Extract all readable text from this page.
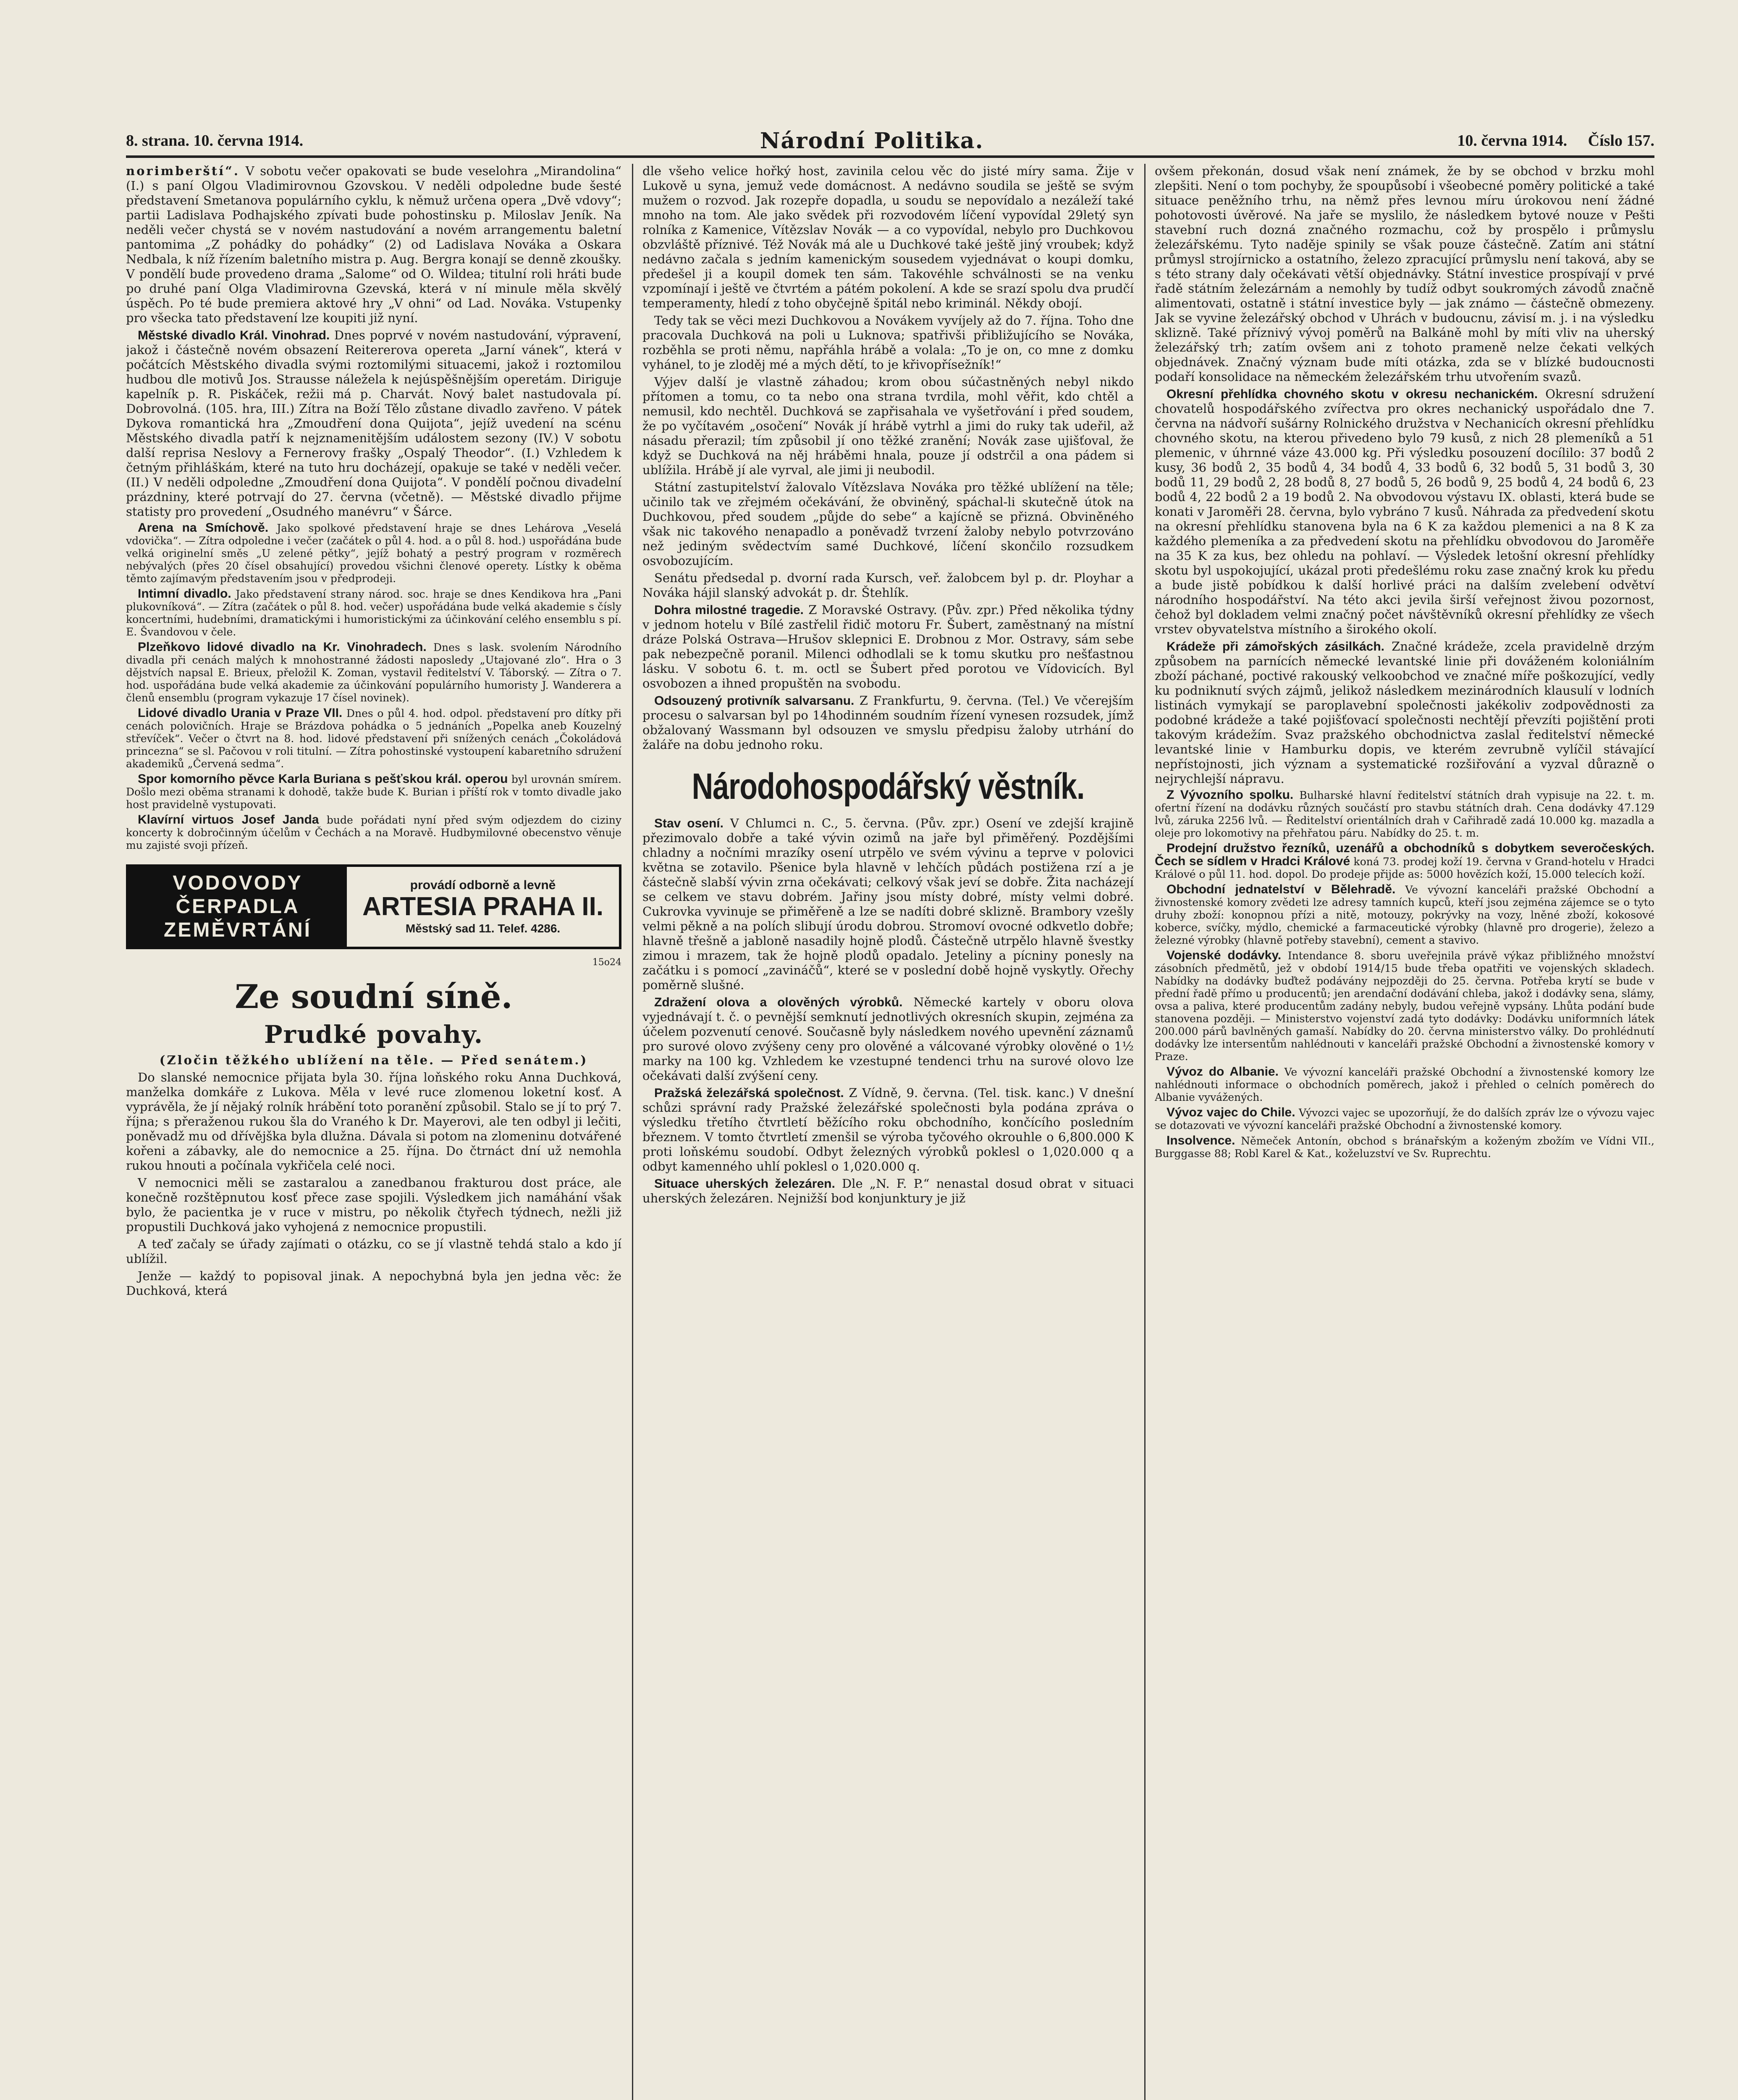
8. strana. 10. června 1914.	Národní Politika.	10. června 1914. Číslo 157.

norimberští“. V sobotu večer opakovati se bude veselohra „Mirandolina“ (I.) s paní Olgou Vladimirovnou Gzovskou. V neděli odpoledne bude šesté představení Smetanova populárního cyklu, k němuž určena opera „Dvě vdovy“; partii Ladislava Podhajského zpívati bude pohostinsku p. Miloslav Jeník. Na neděli večer chystá se v novém nastudování a novém arrangementu baletní pantomima „Z pohádky do pohádky“ (2) od Ladislava Nováka a Oskara Nedbala, k níž řízením baletního mistra p. Aug. Bergra konají se denně zkoušky. V pondělí bude provedeno drama „Salome“ od O. Wildea; titulní roli hráti bude po druhé paní Olga Vladimirovna Gzevská, která v ní minule měla skvělý úspěch. Po té bude premiera aktové hry „V ohni“ od Lad. Nováka. Vstupenky pro všecka tato představení lze koupiti již nyní.

Městské divadlo Král. Vinohrad. Dnes poprvé v novém nastudování, výpravení, jakož i částečně novém obsazení Reitererova opereta „Jarní vánek“, která v počátcích Městského divadla svými roztomilými situacemi, jakož i roztomilou hudbou dle motivů Jos. Strausse náležela k nejúspěšnějším operetám. Diriguje kapelník p. R. Piskáček, režii má p. Charvát. Nový balet nastudovala pí. Dobrovolná. (105. hra, III.) Zítra na Boží Tělo zůstane divadlo zavřeno. V pátek Dykova romantická hra „Zmoudření dona Quijota“, jejíž uvedení na scénu Městského divadla patří k nejznamenitějším událostem sezony (IV.) V sobotu další reprisa Neslovy a Fernerovy frašky „Ospalý Theodor“. (I.) Vzhledem k četným přihláškám, které na tuto hru docházejí, opakuje se také v neděli večer. (II.) V neděli odpoledne „Zmoudření dona Quijota“. V pondělí počnou divadelní prázdniny, které potrvají do 27. června (včetně). — Městské divadlo přijme statisty pro provedení „Osudného manévru“ v Šárce.

Arena na Smíchově. Jako spolkové představení hraje se dnes Lehárova „Veselá vdovička“. — Zítra odpoledne i večer (začátek o půl 4. hod. a o půl 8. hod.) uspořádána bude velká originelní směs „U zelené pětky“, jejíž bohatý a pestrý program v rozměrech nebývalých (přes 20 čísel obsahující) provedou všichni členové operety. Lístky k oběma těmto zajímavým představením jsou v předprodeji.

Intimní divadlo. Jako představení strany národ. soc. hraje se dnes Kendikova hra „Pani plukovníková“. — Zítra (začátek o půl 8. hod. večer) uspořádána bude velká akademie s čísly koncertními, hudebními, dramatickými i humoristickými za účinkování celého ensemblu s pí. E. Švandovou v čele.

Plzeňkovo lidové divadlo na Kr. Vinohradech. Dnes s lask. svolením Národního divadla při cenách malých k mnohostranné žádosti naposledy „Utajované zlo“. Hra o 3 dějstvích napsal E. Brieux, přeložil K. Zoman, vystavil ředitelství V. Táborský. — Zítra o 7. hod. uspořádána bude velká akademie za účinkování populárního humoristy J. Wanderera a členů ensemblu (program vykazuje 17 čísel novinek).

Lidové divadlo Urania v Praze VII. Dnes o půl 4. hod. odpol. představení pro dítky při cenách polovičních. Hraje se Brázdova pohádka o 5 jednáních „Popelka aneb Kouzelný střevíček“. Večer o čtvrt na 8. hod. lidové představení při snížených cenách „Čokoládová princezna“ se sl. Pačovou v roli titulní. — Zítra pohostinské vystoupení kabaretního sdružení akademiků „Červená sedma“.

Spor komorního pěvce Karla Buriana s pešťskou král. operou byl urovnán smírem. Došlo mezi oběma stranami k dohodě, takže bude K. Burian i příští rok v tomto divadle jako host pravidelně vystupovati.

Klavírní virtuos Josef Janda bude pořádati nyní před svým odjezdem do ciziny koncerty k dobročinným účelům v Čechách a na Moravě. Hudbymilovné obecenstvo věnuje mu zajisté svoji přízeň.

VODOVODY
ČERPADLA
ZEMĚVRTÁNÍ
provádí odborně a levně
ARTESIA PRAHA II.
Městský sad 11. Telef. 4286.

15o24

Ze soudní síně.
Prudké povahy.

(Zločin těžkého ublížení na těle. — Před senátem.)

Do slanské nemocnice přijata byla 30. října loňského roku Anna Duchková, manželka domkáře z Lukova. Měla v levé ruce zlomenou loketní kosť. A vyprávěla, že jí nějaký rolník hrábění toto poranění způsobil. Stalo se jí to prý 7. října; s přeraženou rukou šla do Vraného k Dr. Mayerovi, ale ten odbyl ji lečiti, poněvadž mu od dřívějška byla dlužna. Dávala si potom na zlomeninu dotvářené kořeni a zábavky, ale do nemocnice a 25. října. Do čtrnáct dní už nemohla rukou hnouti a počínala vykřičela celé noci.

V nemocnici měli se zastaralou a zanedbanou frakturou dost práce, ale konečně rozštěpnutou kosť přece zase spojili. Výsledkem jich namáhání však bylo, že pacientka je v ruce v mistru, po několik čtyřech týdnech, nežli již propustili Duchková jako vyhojená z nemocnice propustili.

A teď začaly se úřady zajímati o otázku, co se jí vlastně tehdá stalo a kdo jí ublížil.

Jenže — každý to popisoval jinak. A nepochybná byla jen jedna věc: že Duchková, která

dle všeho velice hořký host, zavinila celou věc do jisté míry sama. Žije v Lukově u syna, jemuž vede domácnost. A nedávno soudila se ještě se svým mužem o rozvod. Jak rozepře dopadla, u soudu se nepovídalo a nezáleží také mnoho na tom. Ale jako svědek při rozvodovém líčení vypovídal 29letý syn rolníka z Kamenice, Vítězslav Novák — a co vypovídal, nebylo pro Duchkovou obzvláště příznivé. Též Novák má ale u Duchkové také ještě jiný vroubek; když nedávno začala s jedním kamenickým sousedem vyjednávat o koupi domku, předešel ji a koupil domek ten sám. Takovéhle schválnosti se na venku vzpomínají i ještě ve čtvrtém a pátém pokolení. A kde se srazí spolu dva prudčí temperamenty, hledí z toho obyčejně špitál nebo kriminál. Někdy obojí.

Tedy tak se věci mezi Duchkovou a Novákem vyvíjely až do 7. října. Toho dne pracovala Duchková na poli u Luknova; spatřivši přibližujícího se Nováka, rozběhla se proti němu, napřáhla hrábě a volala: „To je on, co mne z domku vyhánel, to je zloděj mé a mých dětí, to je křivopřísežník!“

Výjev další je vlastně záhadou; krom obou súčastněných nebyl nikdo přítomen a tomu, co ta nebo ona strana tvrdila, mohl věřit, kdo chtěl a nemusil, kdo nechtěl. Duchková se zapřisahala ve vyšetřování i před soudem, že po vyčítavém „osočení“ Novák jí hrábě vytrhl a jimi do ruky tak udeřil, až násadu přerazil; tím způsobil jí ono těžké zranění; Novák zase ujišťoval, že když se Duchková na něj hráběmi hnala, pouze jí odstrčil a ona pádem si ublížila. Hrábě jí ale vyrval, ale jimi ji neubodil.

Státní zastupitelství žalovalo Vítězslava Nováka pro těžké ublížení na těle; učinilo tak ve zřejmém očekávání, že obviněný, spáchal-li skutečně útok na Duchkovou, před soudem „půjde do sebe“ a kajícně se přizná. Obviněného však nic takového nenapadlo a poněvadž tvrzení žaloby nebylo potvrzováno než jediným svědectvím samé Duchkové, líčení skončilo rozsudkem osvobozujícím.

Senátu předsedal p. dvorní rada Kursch, veř. žalobcem byl p. dr. Ployhar a Nováka hájil slanský advokát p. dr. Štehlík.

Dohra milostné tragedie. Z Moravské Ostravy. (Pův. zpr.) Před několika týdny v jednom hotelu v Bílé zastřelil řidič motoru Fr. Šubert, zaměstnaný na místní dráze Polská Ostrava—Hrušov sklepnici E. Drobnou z Mor. Ostravy, sám sebe pak nebezpečně poranil. Milenci odhodlali se k tomu skutku pro nešťastnou lásku. V sobotu 6. t. m. octl se Šubert před porotou ve Vídovicích. Byl osvobozen a ihned propuštěn na svobodu.

Odsouzený protivník salvarsanu. Z Frankfurtu, 9. června. (Tel.) Ve včerejším procesu o salvarsan byl po 14hodinném soudním řízení vynesen rozsudek, jímž obžalovaný Wassmann byl odsouzen ve smyslu předpisu žaloby utrhání do žaláře na dobu jednoho roku.

Národohospodářský věstník.

Stav osení. V Chlumci n. C., 5. června. (Pův. zpr.) Osení ve zdejší krajině přezimovalo dobře a také vývin ozimů na jaře byl přiměřený. Pozdějšími chladny a nočními mrazíky osení utrpělo ve svém vývinu a teprve v polovici května se zotavilo. Pšenice byla hlavně v lehčích půdách postižena rzí a je částečně slabší vývin zrna očekávati; celkový však jeví se dobře. Žita nacházejí se celkem ve stavu dobrém. Jařiny jsou místy dobré, místy velmi dobré. Cukrovka vyvinuje se přiměřeně a lze se nadíti dobré sklizně. Brambory vzešly velmi pěkně a na polích slibují úrodu dobrou. Stromoví ovocné odkvetlo dobře; hlavně třešně a jabloně nasadily hojně plodů. Částečně utrpělo hlavně švestky zimou i mrazem, tak že hojně plodů opadalo. Jeteliny a pícniny ponesly na začátku i s pomocí „zavináčů“, které se v poslední době hojně vyskytly. Ořechy poměrně slušné.

Zdražení olova a olověných výrobků. Německé kartely v oboru olova vyjednávají t. č. o pevnější semknutí jednotlivých okresních skupin, zejména za účelem pozvenutí cenové. Současně byly následkem nového upevnění záznamů pro surové olovo zvýšeny ceny pro olověné a válcované výrobky olověné o 1½ marky na 100 kg. Vzhledem ke vzestupné tendenci trhu na surové olovo lze očekávati další zvýšení ceny.

Pražská železářská společnost. Z Vídně, 9. června. (Tel. tisk. kanc.) V dnešní schůzi správní rady Pražské železářské společnosti byla podána zpráva o výsledku třetího čtvrtletí běžícího roku obchodního, končícího posledním březnem. V tomto čtvrtletí zmenšil se výroba tyčového okrouhle o 6,800.000 K proti loňskému soudobí. Odbyt železných výrobků poklesl o 1,020.000 q a odbyt kamenného uhlí poklesl o 1,020.000 q.

Situace uherských železáren. Dle „N. F. P.“ nenastal dosud obrat v situaci uherských železáren. Nejnižší bod konjunktury je již

ovšem překonán, dosud však není známek, že by se obchod v brzku mohl zlepšiti. Není o tom pochyby, že spoupůsobí i všeobecné poměry politické a také situace peněžního trhu, na němž přes levnou míru úrokovou není žádné pohotovosti úvěrové. Na jaře se myslilo, že následkem bytové nouze v Pešti stavební ruch dozná značného rozmachu, což by prospělo i průmyslu železářskému. Tyto naděje spinily se však pouze částečně. Zatím ani státní průmysl strojírnicko a ostatního, železo zpracující průmyslu není taková, aby se s této strany daly očekávati větší objednávky. Státní investice prospívají v prvé řadě státním železárnám a nemohly by tudíž odbyt soukromých závodů značně alimentovati, ostatně i státní investice byly — jak známo — částečně obmezeny. Jak se vyvine železářský obchod v Uhrách v budoucnu, závisí m. j. i na výsledku sklizně. Také příznivý vývoj poměrů na Balkáně mohl by míti vliv na uherský železářský trh; zatím ovšem ani z tohoto prameně nelze čekati velkých objednávek. Značný význam bude míti otázka, zda se v blízké budoucnosti podaří konsolidace na německém železářském trhu utvořením svazů.

Okresní přehlídka chovného skotu v okresu nechanickém. Okresní sdružení chovatelů hospodářského zvířectva pro okres nechanický uspořádalo dne 7. června na nádvoří sušárny Rolnického družstva v Nechanicích okresní přehlídku chovného skotu, na kterou přivedeno bylo 79 kusů, z nich 28 plemeníků a 51 plemenic, v úhrnné váze 43.000 kg. Při výsledku posouzení docílilo: 37 bodů 2 kusy, 36 bodů 2, 35 bodů 4, 34 bodů 4, 33 bodů 6, 32 bodů 5, 31 bodů 3, 30 bodů 11, 29 bodů 2, 28 bodů 8, 27 bodů 5, 26 bodů 9, 25 bodů 4, 24 bodů 6, 23 bodů 4, 22 bodů 2 a 19 bodů 2. Na obvodovou výstavu IX. oblasti, která bude se konati v Jaroměři 28. června, bylo vybráno 7 kusů. Náhrada za předvedení skotu na okresní přehlídku stanovena byla na 6 K za každou plemenici a na 8 K za každého plemeníka a za předvedení skotu na přehlídku obvodovou do Jaroměře na 35 K za kus, bez ohledu na pohlaví. — Výsledek letošní okresní přehlídky skotu byl uspokojující, ukázal proti předešlému roku zase značný krok ku předu a bude jistě pobídkou k další horlivé práci na dalším zvelebení odvětví národního hospodářství. Na této akci jevila širší veřejnost živou pozornost, čehož byl dokladem velmi značný počet návštěvníků okresní přehlídky ze všech vrstev obyvatelstva místního a širokého okolí.

Krádeže při zámořských zásilkách. Značné krádeže, zcela pravidelně drzým způsobem na parnících německé levantské linie při dováženém koloniálním zboží páchané, poctivé rakouský velkoobchod ve značné míře poškozující, vedly ku podniknutí svých zájmů, jelikož následkem mezinárodních klausulí v lodních listinách vymykají se paroplavební společnosti jakékoliv zodpovědnosti za podobné krádeže a také pojišťovací společnosti nechtějí převzíti pojištění proti takovým krádežím. Svaz pražského obchodnictva zaslal ředitelství německé levantské linie v Hamburku dopis, ve kterém zevrubně vylíčil stávající nepřístojnosti, jich význam a systematické rozšiřování a vyzval důrazně o nejrychlejší nápravu.

Z Vývozního spolku. Bulharské hlavní ředitelství státních drah vypisuje na 22. t. m. ofertní řízení na dodávku různých součástí pro stavbu státních drah. Cena dodávky 47.129 lvů, záruka 2256 lvů. — Ředitelství orientálních drah v Cařihradě zadá 10.000 kg. mazadla a oleje pro lokomotivy na přehřatou páru. Nabídky do 25. t. m.

Prodejní družstvo řezníků, uzenářů a obchodníků s dobytkem severočeských. Čech se sídlem v Hradci Králové koná 73. prodej koží 19. června v Grand-hotelu v Hradci Králové o půl 11. hod. dopol. Do prodeje přijde as: 5000 hovězích koží, 15.000 telecích koží.

Obchodní jednatelství v Bělehradě. Ve vývozní kanceláři pražské Obchodní a živnostenské komory zvědeti lze adresy tamních kupců, kteří jsou zejména zájemce se o tyto druhy zboží: konopnou přízi a nitě, motouzy, pokrývky na vozy, lněné zboží, kokosové koberce, svíčky, mýdlo, chemické a farmaceutické výrobky (hlavně pro drogerie), železo a železné výrobky (hlavně potřeby stavební), cement a stavivo.

Vojenské dodávky. Intendance 8. sboru uveřejnila právě výkaz přibližného množství zásobních předmětů, jež v období 1914/15 bude třeba opatřiti ve vojenských skladech. Nabídky na dodávky buďtež podávány nejpozději do 25. června. Potřeba krytí se bude v přední řadě přímo u producentů; jen arendační dodávání chleba, jakož i dodávky sena, slámy, ovsa a paliva, které producentům zadány nebyly, budou veřejně vypsány. Lhůta podání bude stanovena později. — Ministerstvo vojenství zadá tyto dodávky: Dodávku uniformních látek 200.000 párů bavlněných gamaší. Nabídky do 20. června ministerstvo války. Do prohlédnutí dodávky lze intersentům nahlédnouti v kanceláři pražské Obchodní a živnostenské komory v Praze.

Vývoz do Albanie. Ve vývozní kanceláři pražské Obchodní a živnostenské komory lze nahlédnouti informace o obchodních poměrech, jakož i přehled o celních poměrech do Albanie vyvážených.

Vývoz vajec do Chile. Vývozci vajec se upozorňují, že do dalších zpráv lze o vývozu vajec se dotazovati ve vývozní kanceláři pražské Obchodní a živnostenské komory.

Insolvence. Němeček Antonín, obchod s bránařským a koženým zbožím ve Vídni VII., Burggasse 88; Robl Karel & Kat., koželuzství ve Sv. Ruprechtu.
